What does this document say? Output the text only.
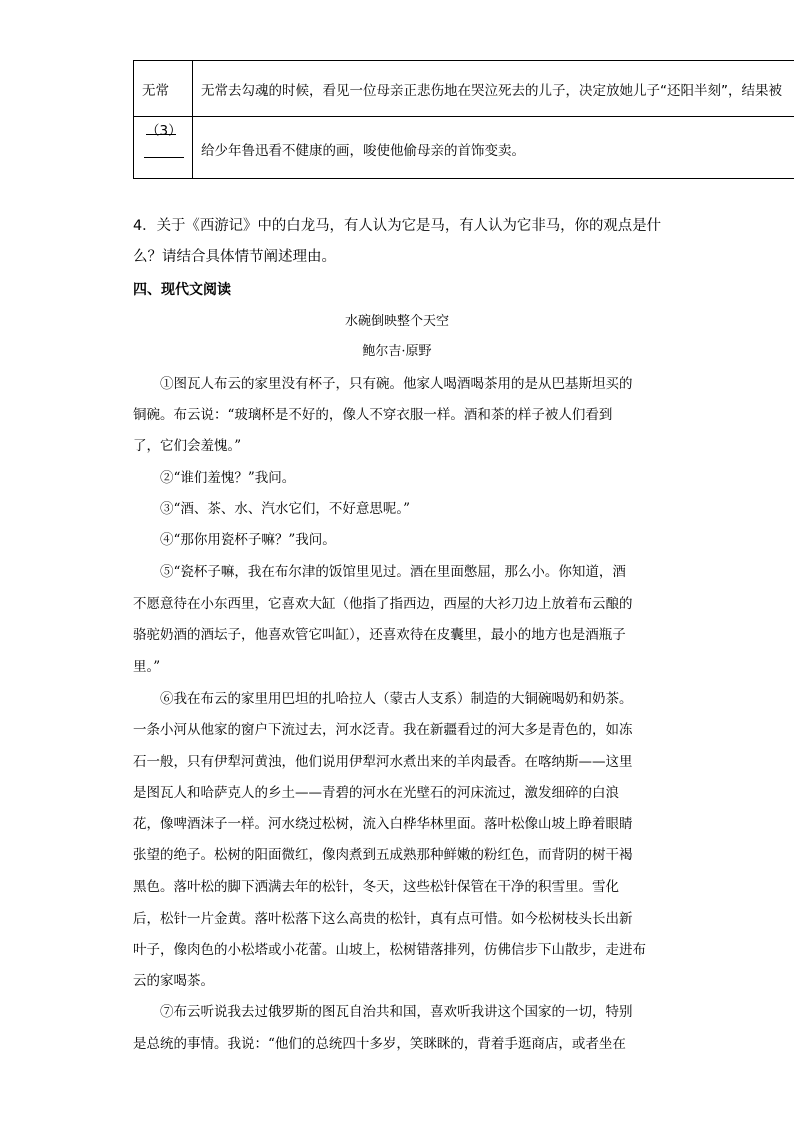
无常 无常去勾魂的时候，看见一位母亲正悲伤地在哭泣死去的儿子，决定放她儿子“还阳半刻”，结果被
（3）
给少年鲁迅看不健康的画，唆使他偷母亲的首饰变卖。
4．关于《西游记》中的白龙马，有人认为它是马，有人认为它非马，你的观点是什
么？请结合具体情节阐述理由。
四、现代文阅读
水碗倒映整个天空
鲍尔吉·原野
①图瓦人布云的家里没有杯子，只有碗。他家人喝酒喝茶用的是从巴基斯坦买的
铜碗。布云说：“玻璃杯是不好的，像人不穿衣服一样。酒和茶的样子被人们看到
了，它们会羞愧。”
②“谁们羞愧？”我问。
③“酒、茶、水、汽水它们，不好意思呢。”
④“那你用瓷杯子嘛？”我问。
⑤“瓷杯子嘛，我在布尔津的饭馆里见过。酒在里面憋屈，那么小。你知道，酒
不愿意待在小东西里，它喜欢大缸（他指了指西边，西屋的大衫刀边上放着布云酿的
骆驼奶酒的酒坛子，他喜欢管它叫缸），还喜欢待在皮囊里，最小的地方也是酒瓶子
里。”
⑥我在布云的家里用巴坦的扎哈拉人（蒙古人支系）制造的大铜碗喝奶和奶茶。
一条小河从他家的窗户下流过去，河水泛青。我在新疆看过的河大多是青色的，如冻
石一般，只有伊犁河黄浊，他们说用伊犁河水煮出来的羊肉最香。在喀纳斯——这里
是图瓦人和哈萨克人的乡土——青碧的河水在光壁石的河床流过，激发细碎的白浪
花，像啤酒沫子一样。河水绕过松树，流入白桦华林里面。落叶松像山坡上睁着眼睛
张望的绝子。松树的阳面微红，像肉煮到五成熟那种鲜嫩的粉红色，而背阴的树干褐
黑色。落叶松的脚下洒满去年的松针，冬天，这些松针保管在干净的积雪里。雪化
后，松针一片金黄。落叶松落下这么高贵的松针，真有点可惜。如今松树枝头长出新
叶子，像肉色的小松塔或小花蕾。山坡上，松树错落排列，仿佛信步下山散步，走进布
云的家喝茶。
⑦布云听说我去过俄罗斯的图瓦自治共和国，喜欢听我讲这个国家的一切，特别
是总统的事情。我说：“他们的总统四十多岁，笑眯眯的，背着手逛商店，或者坐在
